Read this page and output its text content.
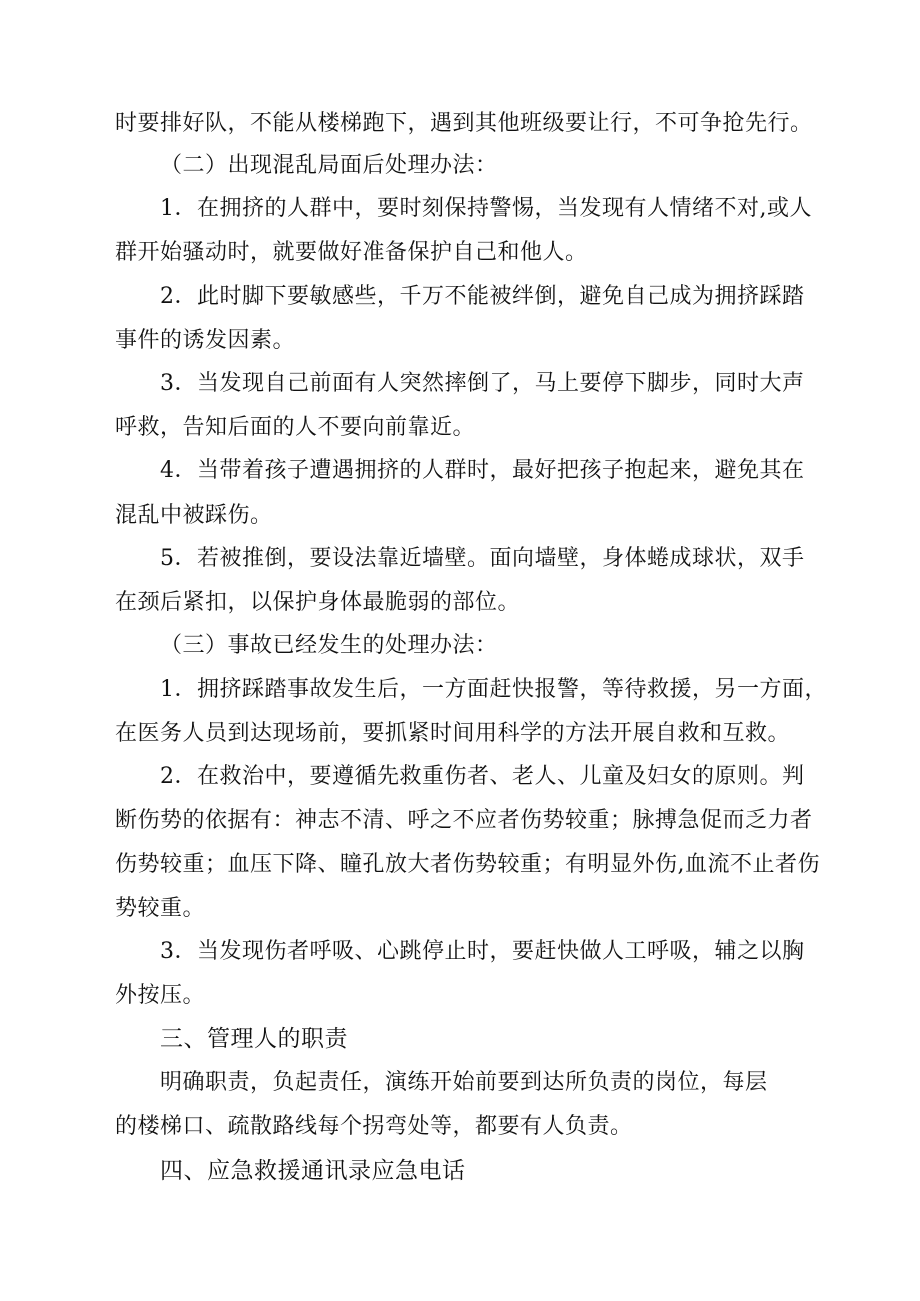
时要排好队，不能从楼梯跑下，遇到其他班级要让行，不可争抢先行。
（二）出现混乱局面后处理办法：
1．在拥挤的人群中，要时刻保持警惕，当发现有人情绪不对,或人
群开始骚动时，就要做好准备保护自己和他人。
2．此时脚下要敏感些，千万不能被绊倒，避免自己成为拥挤踩踏
事件的诱发因素。
3．当发现自己前面有人突然摔倒了，马上要停下脚步，同时大声
呼救，告知后面的人不要向前靠近。
4．当带着孩子遭遇拥挤的人群时，最好把孩子抱起来，避免其在
混乱中被踩伤。
5．若被推倒，要设法靠近墙壁。面向墙壁，身体蜷成球状，双手
在颈后紧扣，以保护身体最脆弱的部位。
（三）事故已经发生的处理办法：
1．拥挤踩踏事故发生后，一方面赶快报警，等待救援，另一方面，
在医务人员到达现场前，要抓紧时间用科学的方法开展自救和互救。
2．在救治中，要遵循先救重伤者、老人、儿童及妇女的原则。判
断伤势的依据有：神志不清、呼之不应者伤势较重；脉搏急促而乏力者
伤势较重；血压下降、瞳孔放大者伤势较重；有明显外伤,血流不止者伤
势较重。
3．当发现伤者呼吸、心跳停止时，要赶快做人工呼吸，辅之以胸
外按压。
三、管理人的职责
明确职责，负起责任，演练开始前要到达所负责的岗位，每层
的楼梯口、疏散路线每个拐弯处等，都要有人负责。
四、应急救援通讯录应急电话
